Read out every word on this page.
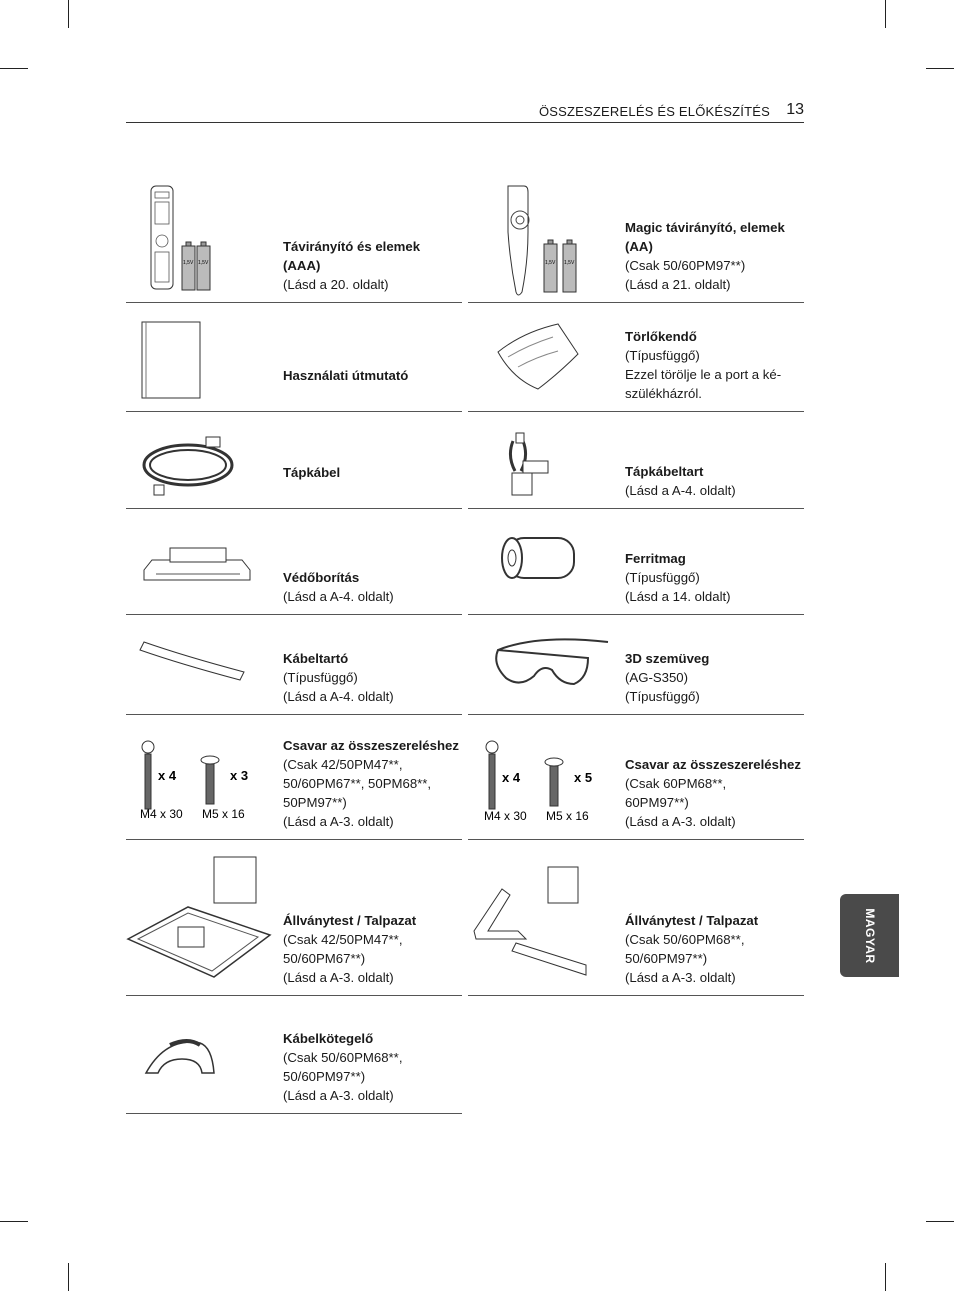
ÖSSZESZERELÉS ÉS ELŐKÉSZÍTÉS 13
1,5V 1,5V
Távirányító és elemek (AAA)
(Lásd a 20. oldalt)
1,5V 1,5V
Magic távirányító, elemek (AA)
(Csak 50/60PM97**)
(Lásd a 21. oldalt)
Használati útmutató
Törlőkendő
(Típusfüggő)
Ezzel törölje le a port a ké-
szülékházról.
Tápkábel	Tápkábeltart
(Lásd a A-4. oldalt)
Védőborítás
(Lásd a A-4. oldalt)
Ferritmag
(Típusfüggő)
(Lásd a 14. oldalt)
Kábeltartó
(Típusfüggő)
(Lásd a A-4. oldalt)
3D szemüveg
(AG-S350)
(Típusfüggő)
x 4	x 3
M4 x 30 M5 x 16
Csavar az összeszereléshez
(Csak 42/50PM47**,
50/60PM67**, 50PM68**,
50PM97**)
(Lásd a A-3. oldalt)
x 4	x 5
M4 x 30 M5 x 16
Csavar az összeszereléshez
(Csak 60PM68**,
60PM97**)
(Lásd a A-3. oldalt)
Állványtest / Talpazat
(Csak 42/50PM47**,
50/60PM67**)
(Lásd a A-3. oldalt)
Állványtest / Talpazat
(Csak 50/60PM68**,
50/60PM97**)
(Lásd a A-3. oldalt)
Kábelkötegelő
(Csak 50/60PM68**,
50/60PM97**)
(Lásd a A-3. oldalt)
MAGYAR
